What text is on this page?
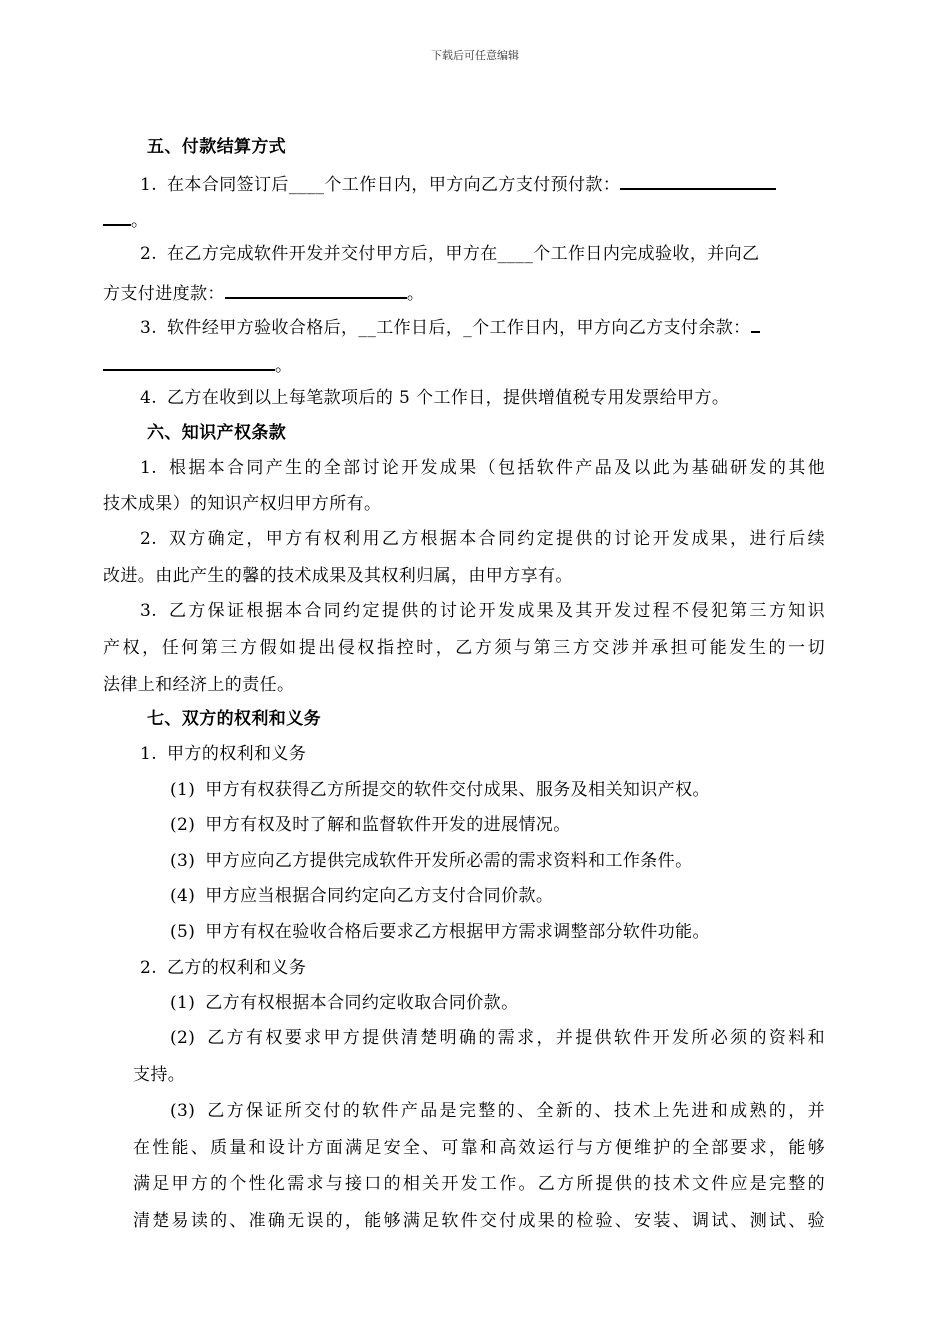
下载后可任意编辑
五、付款结算方式
1. 在本合同签订后____个工作日内，甲方向乙方支付预付款：
。
2. 在乙方完成软件开发并交付甲方后，甲方在____个工作日内完成验收，并向乙
方支付进度款：	。
3. 软件经甲方验收合格后，__工作日后，_个工作日内，甲方向乙方支付余款：
。
4. 乙方在收到以上每笔款项后的 5 个工作日，提供增值税专用发票给甲方。
六、知识产权条款
1. 根据本合同产生的全部讨论开发成果（包括软件产品及以此为基础研发的其他
技术成果）的知识产权归甲方所有。
2. 双方确定，甲方有权利用乙方根据本合同约定提供的讨论开发成果，进行后续
改进。由此产生的馨的技术成果及其权利归属，由甲方享有。
3. 乙方保证根据本合同约定提供的讨论开发成果及其开发过程不侵犯第三方知识
产权，任何第三方假如提出侵权指控时，乙方须与第三方交涉并承担可能发生的一切
法律上和经济上的责任。
七、双方的权利和义务
1. 甲方的权利和义务
(1) 甲方有权获得乙方所提交的软件交付成果、服务及相关知识产权。
(2) 甲方有权及时了解和监督软件开发的进展情况。
(3) 甲方应向乙方提供完成软件开发所必需的需求资料和工作条件。
(4) 甲方应当根据合同约定向乙方支付合同价款。
(5) 甲方有权在验收合格后要求乙方根据甲方需求调整部分软件功能。
2. 乙方的权利和义务
(1) 乙方有权根据本合同约定收取合同价款。
(2) 乙方有权要求甲方提供清楚明确的需求，并提供软件开发所必须的资料和
支持。
(3) 乙方保证所交付的软件产品是完整的、全新的、技术上先进和成熟的，并
在性能、质量和设计方面满足安全、可靠和高效运行与方便维护的全部要求，能够
满足甲方的个性化需求与接口的相关开发工作。乙方所提供的技术文件应是完整的
清楚易读的、准确无误的，能够满足软件交付成果的检验、安装、调试、测试、验
